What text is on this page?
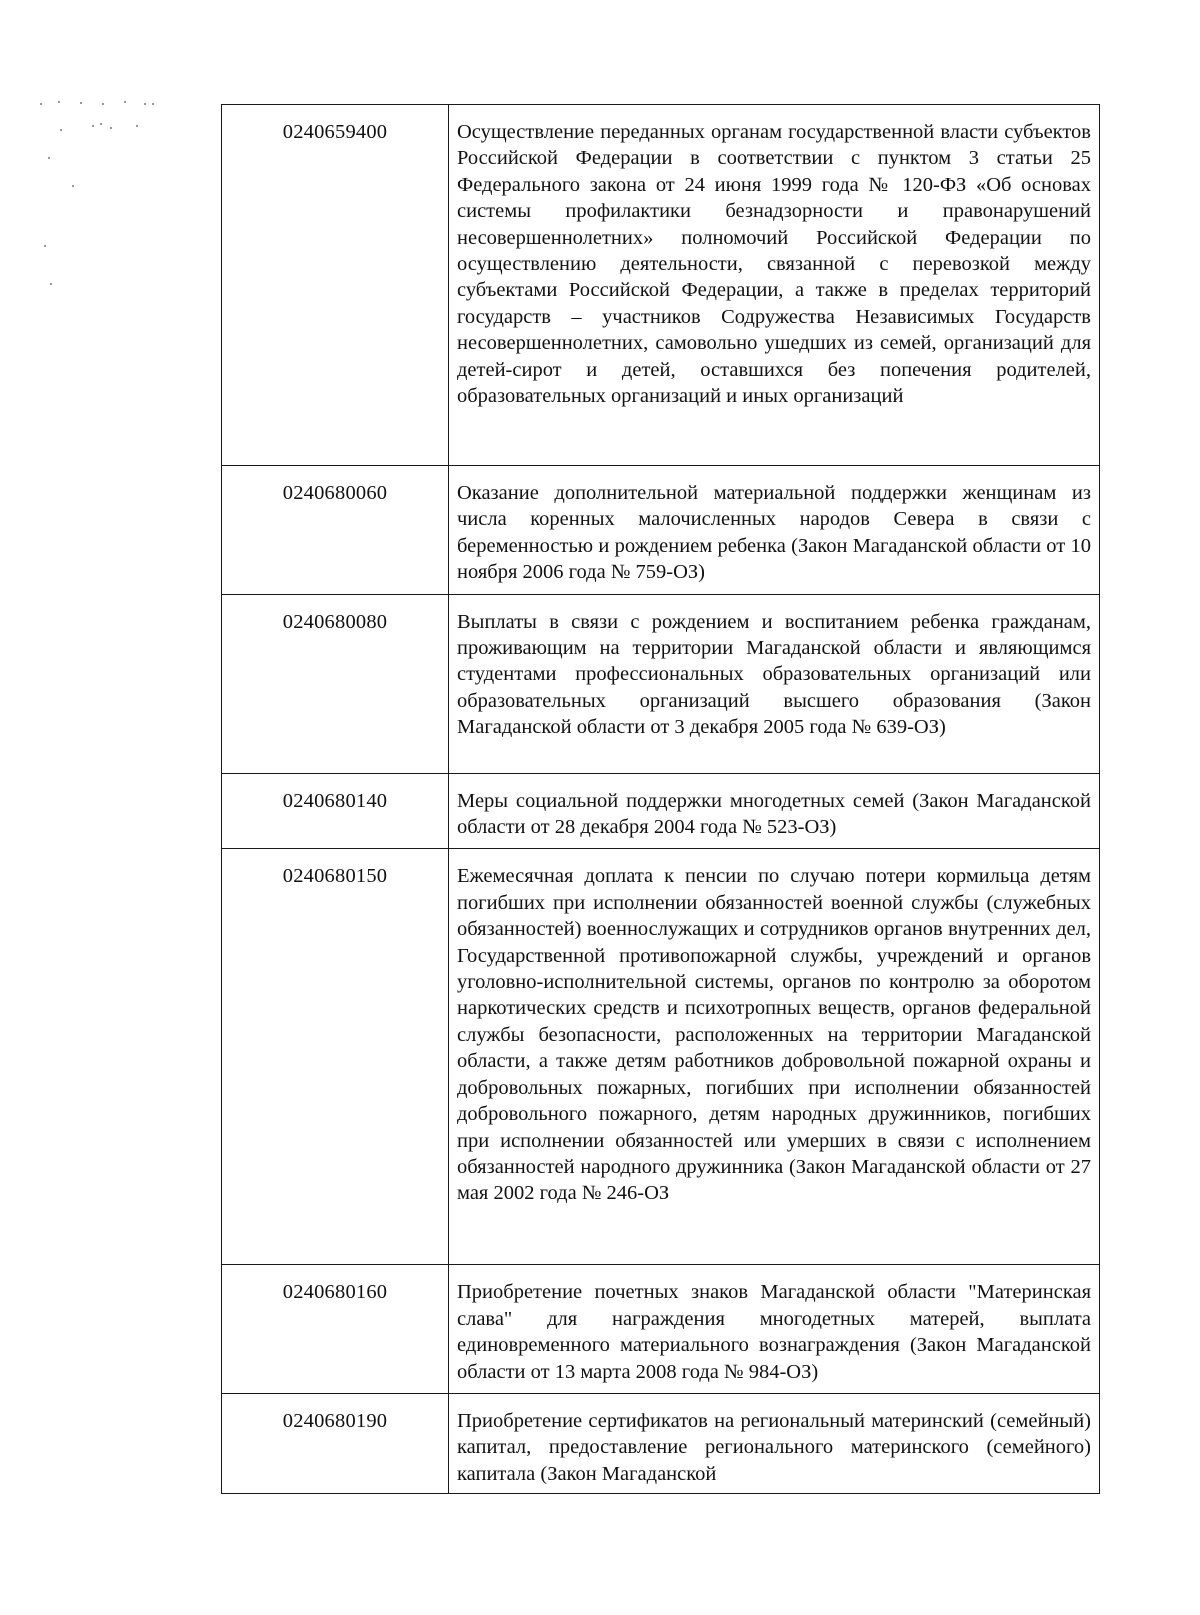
0240659400	Осуществление переданных органам государственной власти субъектов Российской Федерации в соответствии с пунктом 3 статьи 25 Федерального закона от 24 июня 1999 года № 120-ФЗ «Об основах системы профилактики безнадзорности и правонарушений несовершеннолетних» полномочий Российской Федерации по осуществлению деятельности, связанной с перевозкой между субъектами Российской Федерации, а также в пределах территорий государств – участников Содружества Независимых Государств несовершеннолетних, самовольно ушедших из семей, организаций для детей-сирот и детей, оставшихся без попечения родителей, образовательных организаций и иных организаций
0240680060	Оказание дополнительной материальной поддержки женщинам из числа коренных малочисленных народов Севера в связи с беременностью и рождением ребенка (Закон Магаданской области от 10 ноября 2006 года № 759-ОЗ)
0240680080	Выплаты в связи с рождением и воспитанием ребенка гражданам, проживающим на территории Магаданской области и являющимся студентами профессиональных образовательных организаций или образовательных организаций высшего образования (Закон Магаданской области от 3 декабря 2005 года № 639-ОЗ)
0240680140	Меры социальной поддержки многодетных семей (Закон Магаданской области от 28 декабря 2004 года № 523-ОЗ)
0240680150	Ежемесячная доплата к пенсии по случаю потери кормильца детям погибших при исполнении обязанностей военной службы (служебных обязанностей) военнослужащих и сотрудников органов внутренних дел, Государственной противопожарной службы, учреждений и органов уголовно-исполнительной системы, органов по контролю за оборотом наркотических средств и психотропных веществ, органов федеральной службы безопасности, расположенных на территории Магаданской области, а также детям работников добровольной пожарной охраны и добровольных пожарных, погибших при исполнении обязанностей добровольного пожарного, детям народных дружинников, погибших при исполнении обязанностей или умерших в связи с исполнением обязанностей народного дружинника (Закон Магаданской области от 27 мая 2002 года № 246-ОЗ
0240680160	Приобретение почетных знаков Магаданской области "Материнская слава" для награждения многодетных матерей, выплата единовременного материального вознаграждения (Закон Магаданской области от 13 марта 2008 года № 984-ОЗ)
0240680190	Приобретение сертификатов на региональный материнский (семейный) капитал, предоставление регионального материнского (семейного) капитала (Закон Магаданской
